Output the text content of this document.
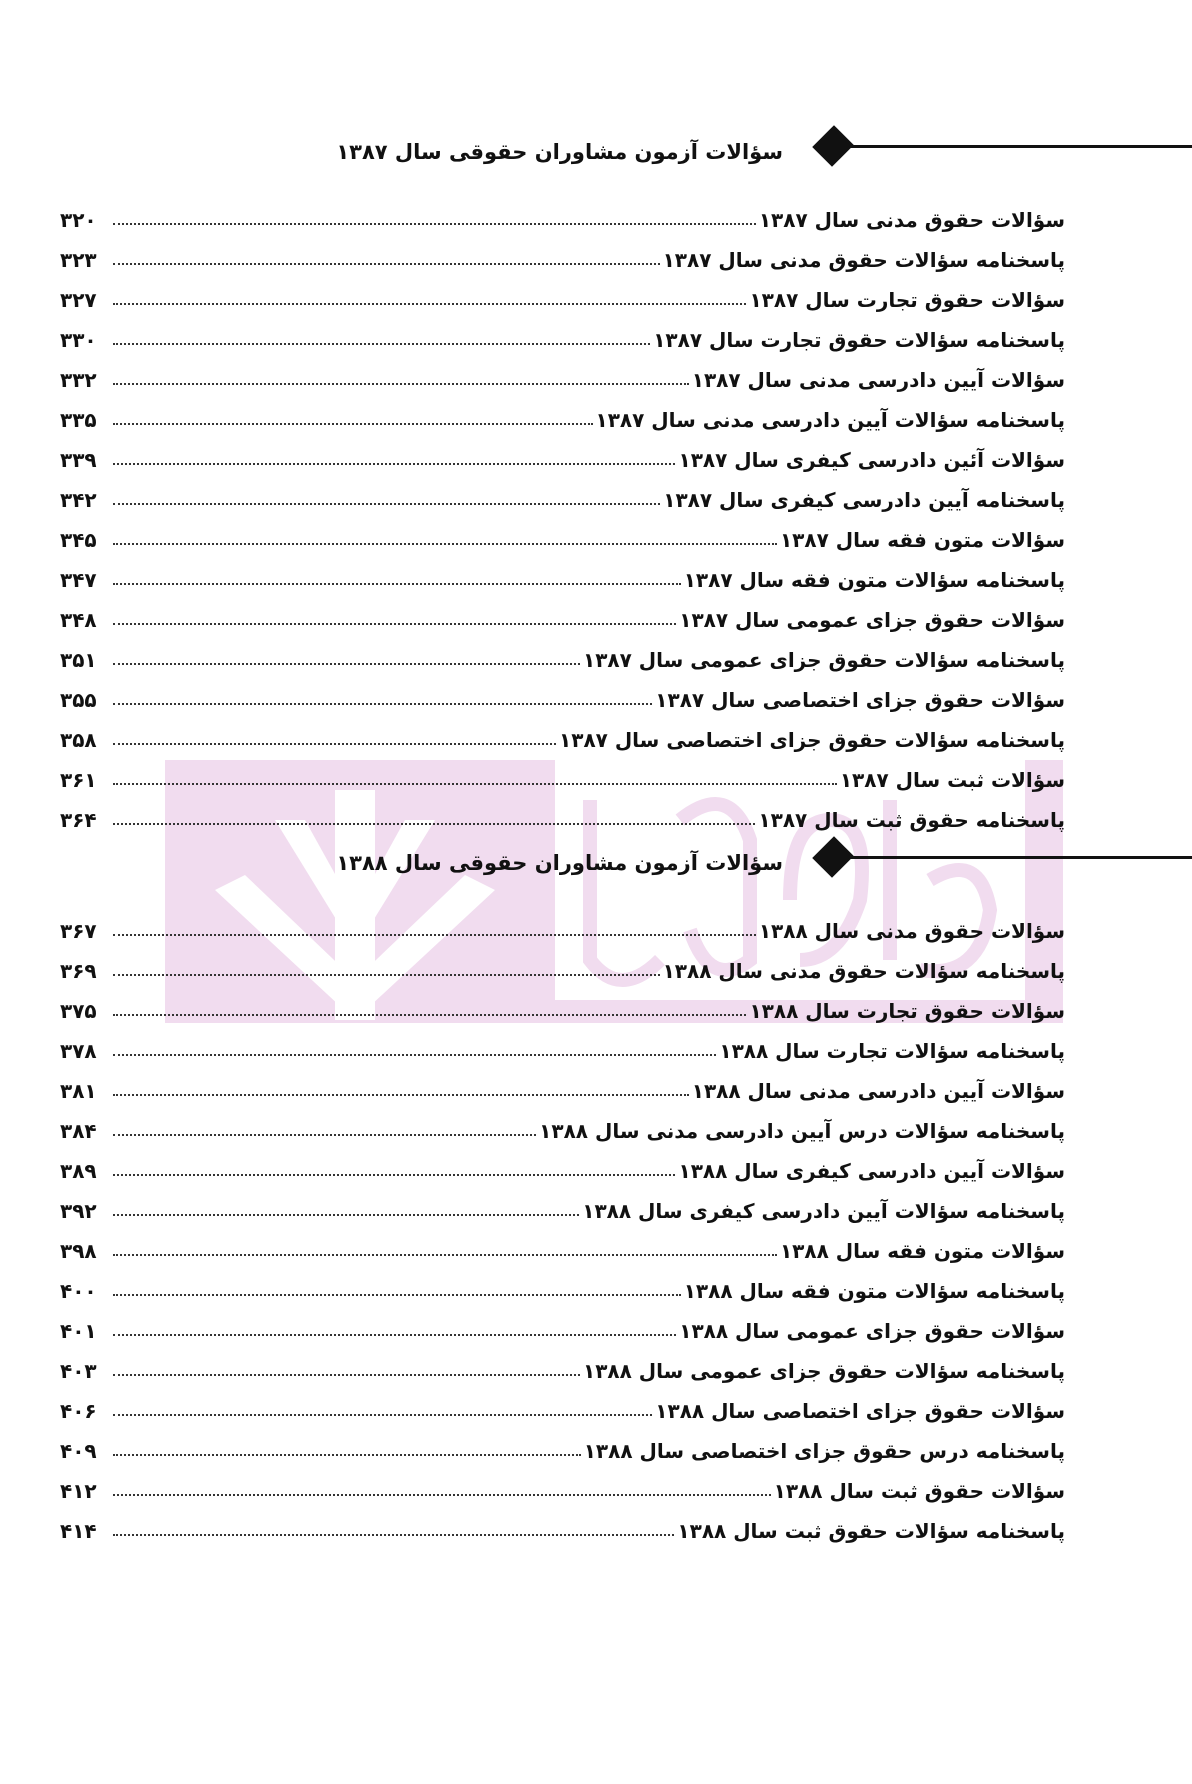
سؤالات آزمون مشاوران حقوقی سال ۱۳۸۷
سؤالات حقوق مدنی سال ۱۳۸۷
۳۲۰
پاسخنامه سؤالات حقوق مدنی سال ۱۳۸۷
۳۲۳
سؤالات حقوق تجارت سال ۱۳۸۷
۳۲۷
پاسخنامه سؤالات حقوق تجارت سال ۱۳۸۷
۳۳۰
سؤالات آیین دادرسی مدنی سال ۱۳۸۷
۳۳۲
پاسخنامه سؤالات آیین دادرسی مدنی سال ۱۳۸۷
۳۳۵
سؤالات آئین دادرسی کیفری سال ۱۳۸۷
۳۳۹
پاسخنامه آیین دادرسی کیفری سال ۱۳۸۷
۳۴۲
سؤالات متون فقه سال ۱۳۸۷
۳۴۵
پاسخنامه سؤالات متون فقه سال ۱۳۸۷
۳۴۷
سؤالات حقوق جزای عمومی سال ۱۳۸۷
۳۴۸
پاسخنامه سؤالات حقوق جزای عمومی سال ۱۳۸۷
۳۵۱
سؤالات حقوق جزای اختصاصی سال ۱۳۸۷
۳۵۵
پاسخنامه سؤالات حقوق جزای اختصاصی سال ۱۳۸۷
۳۵۸
سؤالات ثبت سال ۱۳۸۷
۳۶۱
پاسخنامه حقوق ثبت سال ۱۳۸۷
۳۶۴
سؤالات آزمون مشاوران حقوقی سال ۱۳۸۸
سؤالات حقوق مدنی سال ۱۳۸۸
۳۶۷
پاسخنامه سؤالات حقوق مدنی سال ۱۳۸۸
۳۶۹
سؤالات حقوق تجارت سال ۱۳۸۸
۳۷۵
پاسخنامه سؤالات تجارت سال ۱۳۸۸
۳۷۸
سؤالات آیین دادرسی مدنی سال ۱۳۸۸
۳۸۱
پاسخنامه سؤالات درس آیین دادرسی مدنی سال ۱۳۸۸
۳۸۴
سؤالات آیین دادرسی کیفری سال ۱۳۸۸
۳۸۹
پاسخنامه سؤالات آیین دادرسی کیفری سال ۱۳۸۸
۳۹۲
سؤالات متون فقه سال ۱۳۸۸
۳۹۸
پاسخنامه سؤالات متون فقه سال ۱۳۸۸
۴۰۰
سؤالات حقوق جزای عمومی سال ۱۳۸۸
۴۰۱
پاسخنامه سؤالات حقوق جزای عمومی سال ۱۳۸۸
۴۰۳
سؤالات حقوق جزای اختصاصی سال ۱۳۸۸
۴۰۶
پاسخنامه درس حقوق جزای اختصاصی سال ۱۳۸۸
۴۰۹
سؤالات حقوق ثبت سال ۱۳۸۸
۴۱۲
پاسخنامه سؤالات حقوق ثبت سال ۱۳۸۸
۴۱۴
